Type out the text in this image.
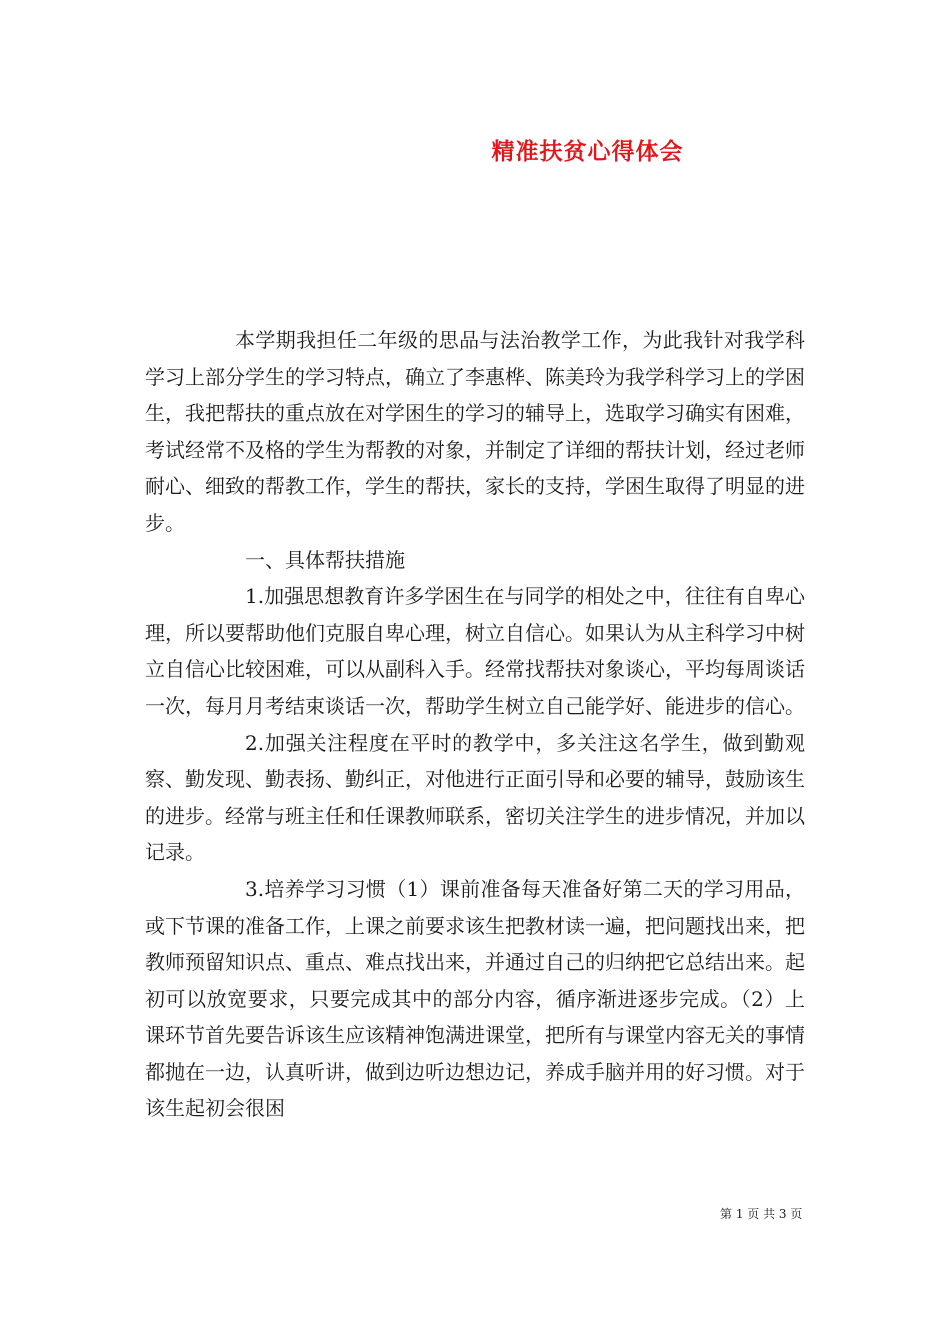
精准扶贫心得体会

本学期我担任二年级的思品与法治教学工作，为此我针对我学科学习上部分学生的学习特点，确立了李惠桦、陈美玲为我学科学习上的学困生，我把帮扶的重点放在对学困生的学习的辅导上，选取学习确实有困难，考试经常不及格的学生为帮教的对象，并制定了详细的帮扶计划，经过老师耐心、细致的帮教工作，学生的帮扶，家长的支持，学困生取得了明显的进步。

一、具体帮扶措施

1.加强思想教育许多学困生在与同学的相处之中，往往有自卑心理，所以要帮助他们克服自卑心理，树立自信心。如果认为从主科学习中树立自信心比较困难，可以从副科入手。经常找帮扶对象谈心，平均每周谈话一次，每月月考结束谈话一次，帮助学生树立自己能学好、能进步的信心。

2.加强关注程度在平时的教学中，多关注这名学生，做到勤观察、勤发现、勤表扬、勤纠正，对他进行正面引导和必要的辅导，鼓励该生的进步。经常与班主任和任课教师联系，密切关注学生的进步情况，并加以记录。

3.培养学习习惯（1）课前准备每天准备好第二天的学习用品，或下节课的准备工作，上课之前要求该生把教材读一遍，把问题找出来，把教师预留知识点、重点、难点找出来，并通过自己的归纳把它总结出来。起初可以放宽要求，只要完成其中的部分内容，循序渐进逐步完成。（2）上课环节首先要告诉该生应该精神饱满进课堂，把所有与课堂内容无关的事情都抛在一边，认真听讲，做到边听边想边记，养成手脑并用的好习惯。对于该生起初会很困

第 1 页 共 3 页
